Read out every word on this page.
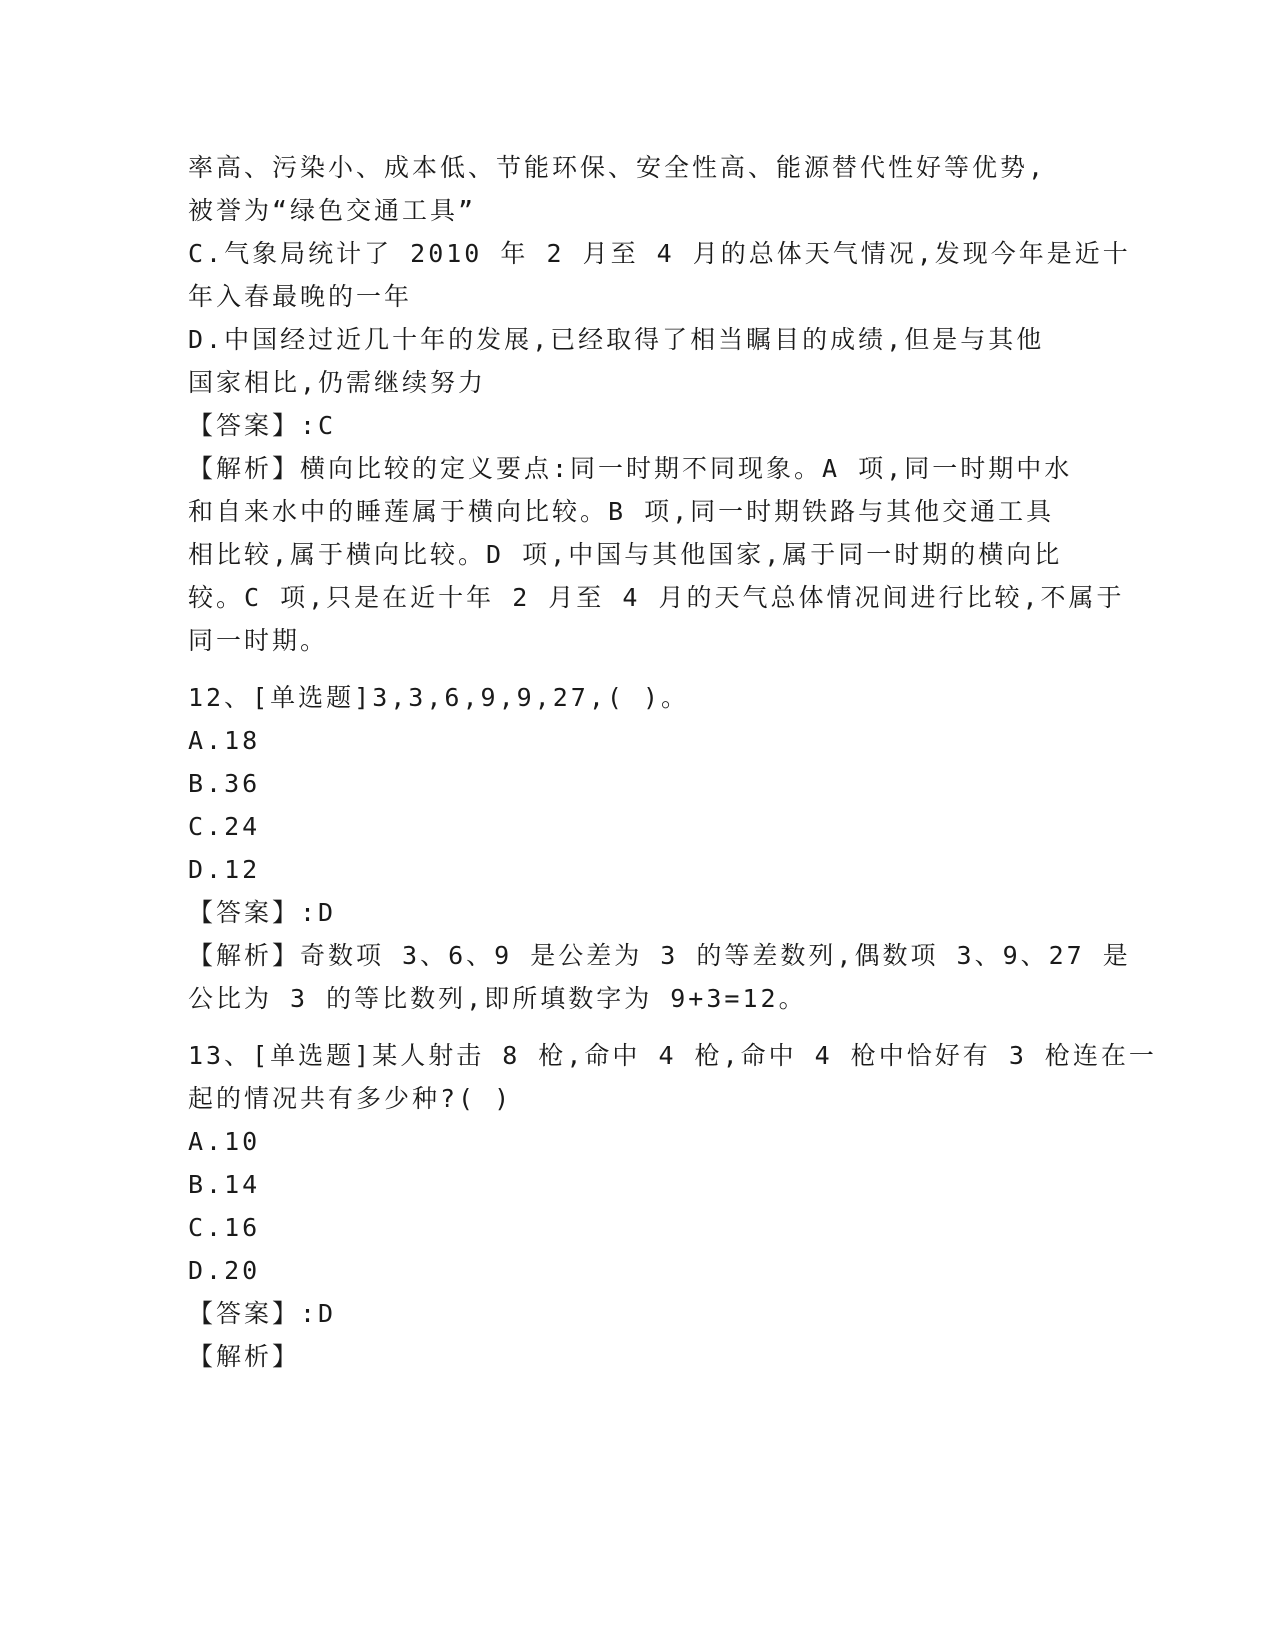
率高、污染小、成本低、节能环保、安全性高、能源替代性好等优势,
被誉为“绿色交通工具”
C.气象局统计了 2010 年 2 月至 4 月的总体天气情况,发现今年是近十
年入春最晚的一年
D.中国经过近几十年的发展,已经取得了相当瞩目的成绩,但是与其他
国家相比,仍需继续努力
【答案】:C
【解析】横向比较的定义要点:同一时期不同现象。A 项,同一时期中水
和自来水中的睡莲属于横向比较。B 项,同一时期铁路与其他交通工具
相比较,属于横向比较。D 项,中国与其他国家,属于同一时期的横向比
较。C 项,只是在近十年 2 月至 4 月的天气总体情况间进行比较,不属于
同一时期。
12、[单选题]3,3,6,9,9,27,( )。
A.18
B.36
C.24
D.12
【答案】:D
【解析】奇数项 3、6、9 是公差为 3 的等差数列,偶数项 3、9、27 是
公比为 3 的等比数列,即所填数字为 9+3=12。
13、[单选题]某人射击 8 枪,命中 4 枪,命中 4 枪中恰好有 3 枪连在一
起的情况共有多少种?( )
A.10
B.14
C.16
D.20
【答案】:D
【解析】
